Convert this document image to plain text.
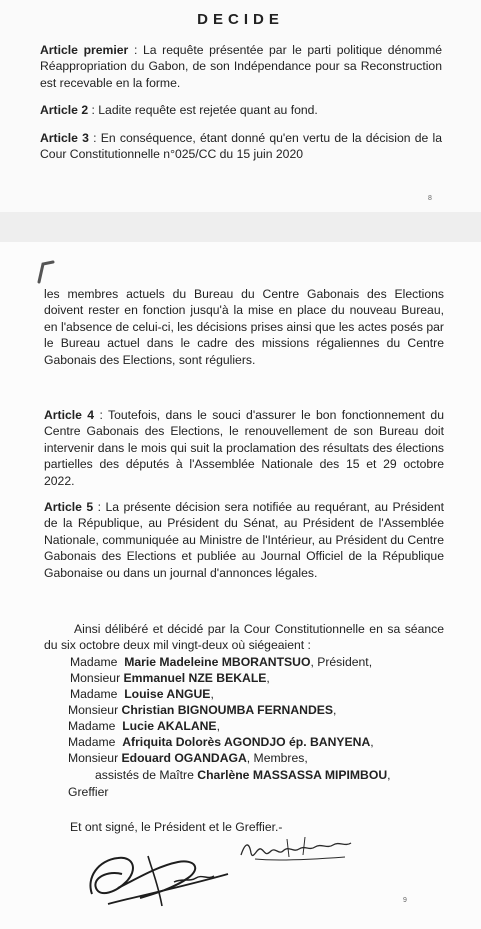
DECIDE
Article premier : La requête présentée par le parti politique dénommé Réappropriation du Gabon, de son Indépendance pour sa Reconstruction est recevable en la forme.
Article 2 : Ladite requête est rejetée quant au fond.
Article 3 : En conséquence, étant donné qu'en vertu de la décision de la Cour Constitutionnelle n°025/CC du 15 juin 2020
8
les membres actuels du Bureau du Centre Gabonais des Elections doivent rester en fonction jusqu'à la mise en place du nouveau Bureau, en l'absence de celui-ci, les décisions prises ainsi que les actes posés par le Bureau actuel dans le cadre des missions régaliennes du Centre Gabonais des Elections, sont réguliers.
Article 4 : Toutefois, dans le souci d'assurer le bon fonctionnement du Centre Gabonais des Elections, le renouvellement de son Bureau doit intervenir dans le mois qui suit la proclamation des résultats des élections partielles des députés à l'Assemblée Nationale des 15 et 29 octobre 2022.
Article 5 : La présente décision sera notifiée au requérant, au Président de la République, au Président du Sénat, au Président de l'Assemblée Nationale, communiquée au Ministre de l'Intérieur, au Président du Centre Gabonais des Elections et publiée au Journal Officiel de la République Gabonaise ou dans un journal d'annonces légales.
Ainsi délibéré et décidé par la Cour Constitutionnelle en sa séance du six octobre deux mil vingt-deux où siégeaient :
Madame Marie Madeleine MBORANTSUO, Président,
Monsieur Emmanuel NZE BEKALE,
Madame Louise ANGUE,
Monsieur Christian BIGNOUMBA FERNANDES,
Madame Lucie AKALANE,
Madame Afriquita Dolorès AGONDJO ép. BANYENA,
Monsieur Edouard OGANDAGA, Membres,
assistés de Maître Charlène MASSASSA MIPIMBOU,
Greffier
Et ont signé, le Président et le Greffier.-
9
